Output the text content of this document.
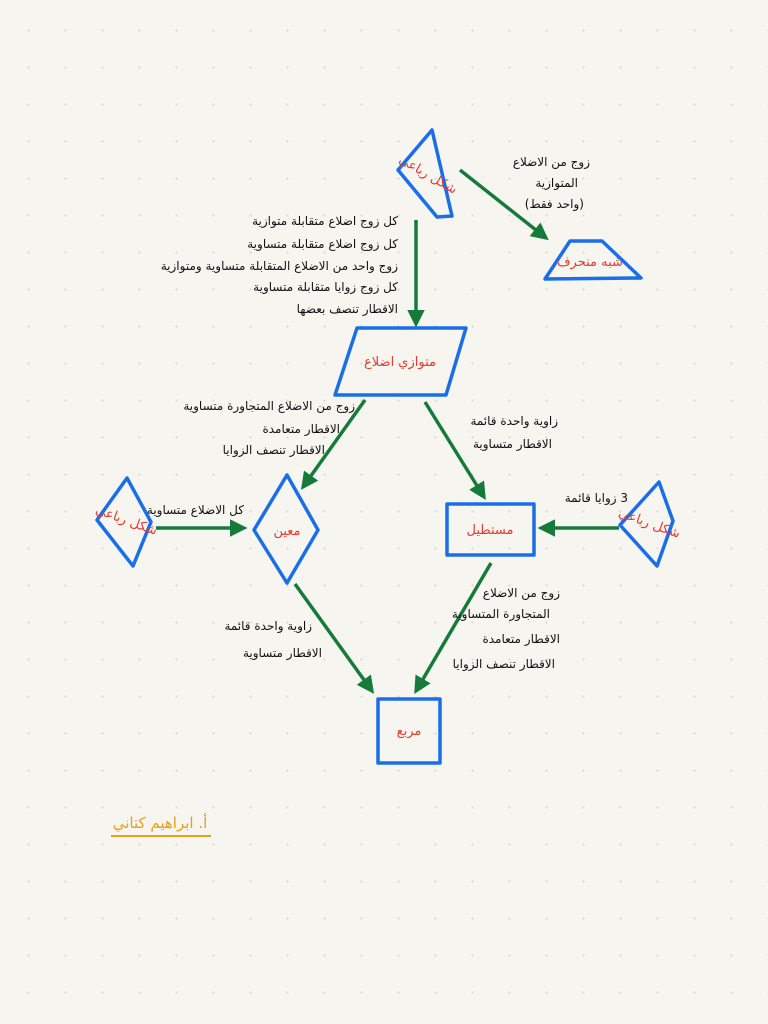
شكل رباعي
شبه منحرف
متوازي اضلاع
معين	مستطيل
مربع
شكل رباعي	شكل رباعي
زوج من الاضلاع
المتوازية
(واحد فقط)
كل زوج اضلاع متقابلة متوازية
كل زوج اضلاع متقابلة متساوية
زوج واحد من الاضلاع المتقابلة متساوية ومتوازية
كل زوج زوايا متقابلة متساوية
الاقطار تنصف بعضها
زوج من الاضلاع المتجاورة متساوية
الاقطار متعامدة
الاقطار تنصف الزوايا
زاوية واحدة قائمة
الاقطار متساوية
كل الاضلاع متساوية
3 زوايا قائمة
زاوية واحدة قائمة
الاقطار متساوية
زوج من الاضلاع
المتجاورة المتساوية
الاقطار متعامدة
الاقطار تنصف الزوايا
أ. ابراهيم كتاني
